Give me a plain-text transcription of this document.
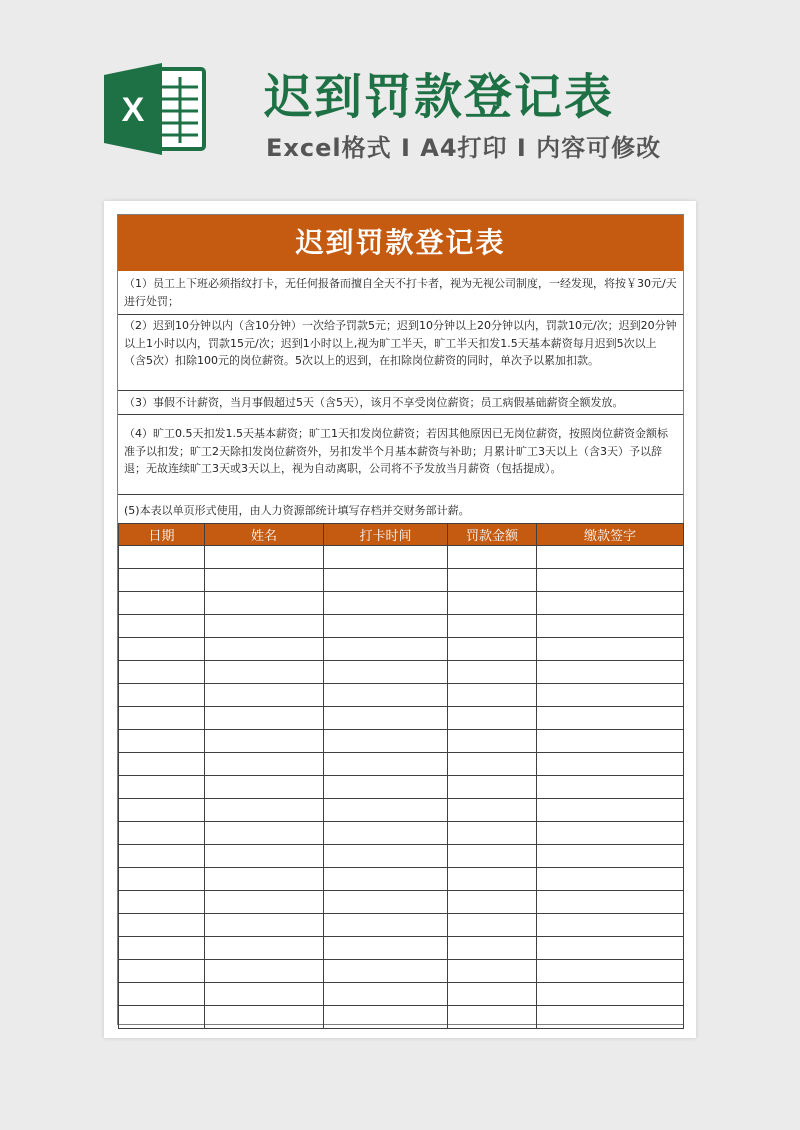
X 迟到罚款登记表
Excel格式 I A4打印 I 内容可修改
迟到罚款登记表
（1）员工上下班必须指纹打卡，无任何报备而擅自全天不打卡者，视为无视公司制度，一经发现，将按￥30元/天进行处罚；
（2）迟到10分钟以内（含10分钟）一次给予罚款5元；迟到10分钟以上20分钟以内，罚款10元/次；迟到20分钟以上1小时以内，罚款15元/次；迟到1小时以上,视为旷工半天，旷工半天扣发1.5天基本薪资每月迟到5次以上（含5次）扣除100元的岗位薪资。5次以上的迟到，在扣除岗位薪资的同时，单次予以累加扣款。
（3）事假不计薪资，当月事假超过5天（含5天），该月不享受岗位薪资；员工病假基础薪资全额发放。
（4）旷工0.5天扣发1.5天基本薪资；旷工1天扣发岗位薪资；若因其他原因已无岗位薪资，按照岗位薪资金额标准予以扣发；旷工2天除扣发岗位薪资外，另扣发半个月基本薪资与补助；月累计旷工3天以上（含3天）予以辞退；无故连续旷工3天或3天以上，视为自动离职，公司将不予发放当月薪资（包括提成）。
(5)本表以单页形式使用，由人力资源部统计填写存档并交财务部计薪。
日期	姓名	打卡时间	罚款金额	缴款签字
